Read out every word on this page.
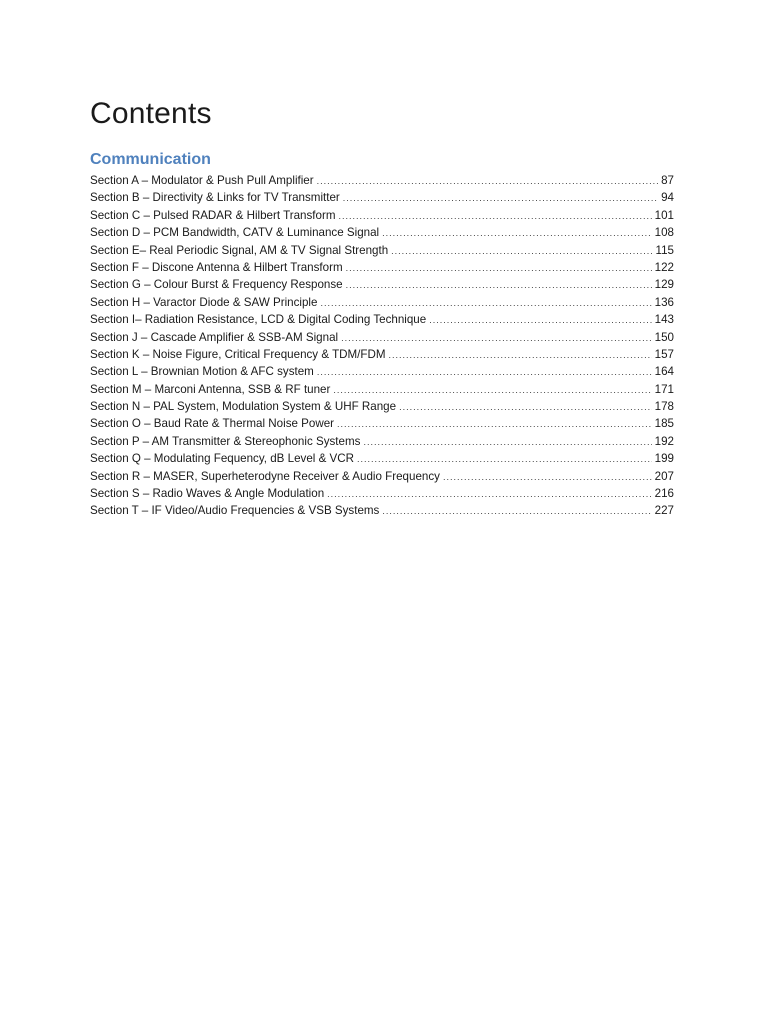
Contents
Communication
Section A – Modulator & Push Pull Amplifier .....	87
Section B – Directivity & Links for TV Transmitter .....	94
Section C – Pulsed RADAR & Hilbert Transform .....	101
Section D – PCM Bandwidth, CATV & Luminance Signal .....	108
Section E– Real Periodic Signal, AM & TV Signal Strength .....	115
Section F – Discone Antenna & Hilbert Transform .....	122
Section G – Colour Burst & Frequency Response .....	129
Section H – Varactor Diode & SAW Principle .....	136
Section I– Radiation Resistance, LCD & Digital Coding Technique .....	143
Section J – Cascade Amplifier & SSB-AM Signal .....	150
Section K – Noise Figure, Critical Frequency & TDM/FDM .....	157
Section L – Brownian Motion & AFC system .....	164
Section M – Marconi Antenna, SSB & RF tuner .....	171
Section N – PAL System, Modulation System & UHF Range .....	178
Section O – Baud Rate & Thermal Noise Power .....	185
Section P – AM Transmitter & Stereophonic Systems .....	192
Section Q – Modulating Fequency, dB Level & VCR .....	199
Section R – MASER, Superheterodyne Receiver & Audio Frequency .....	207
Section S – Radio Waves & Angle Modulation .....	216
Section T – IF Video/Audio Frequencies & VSB Systems .....	227
